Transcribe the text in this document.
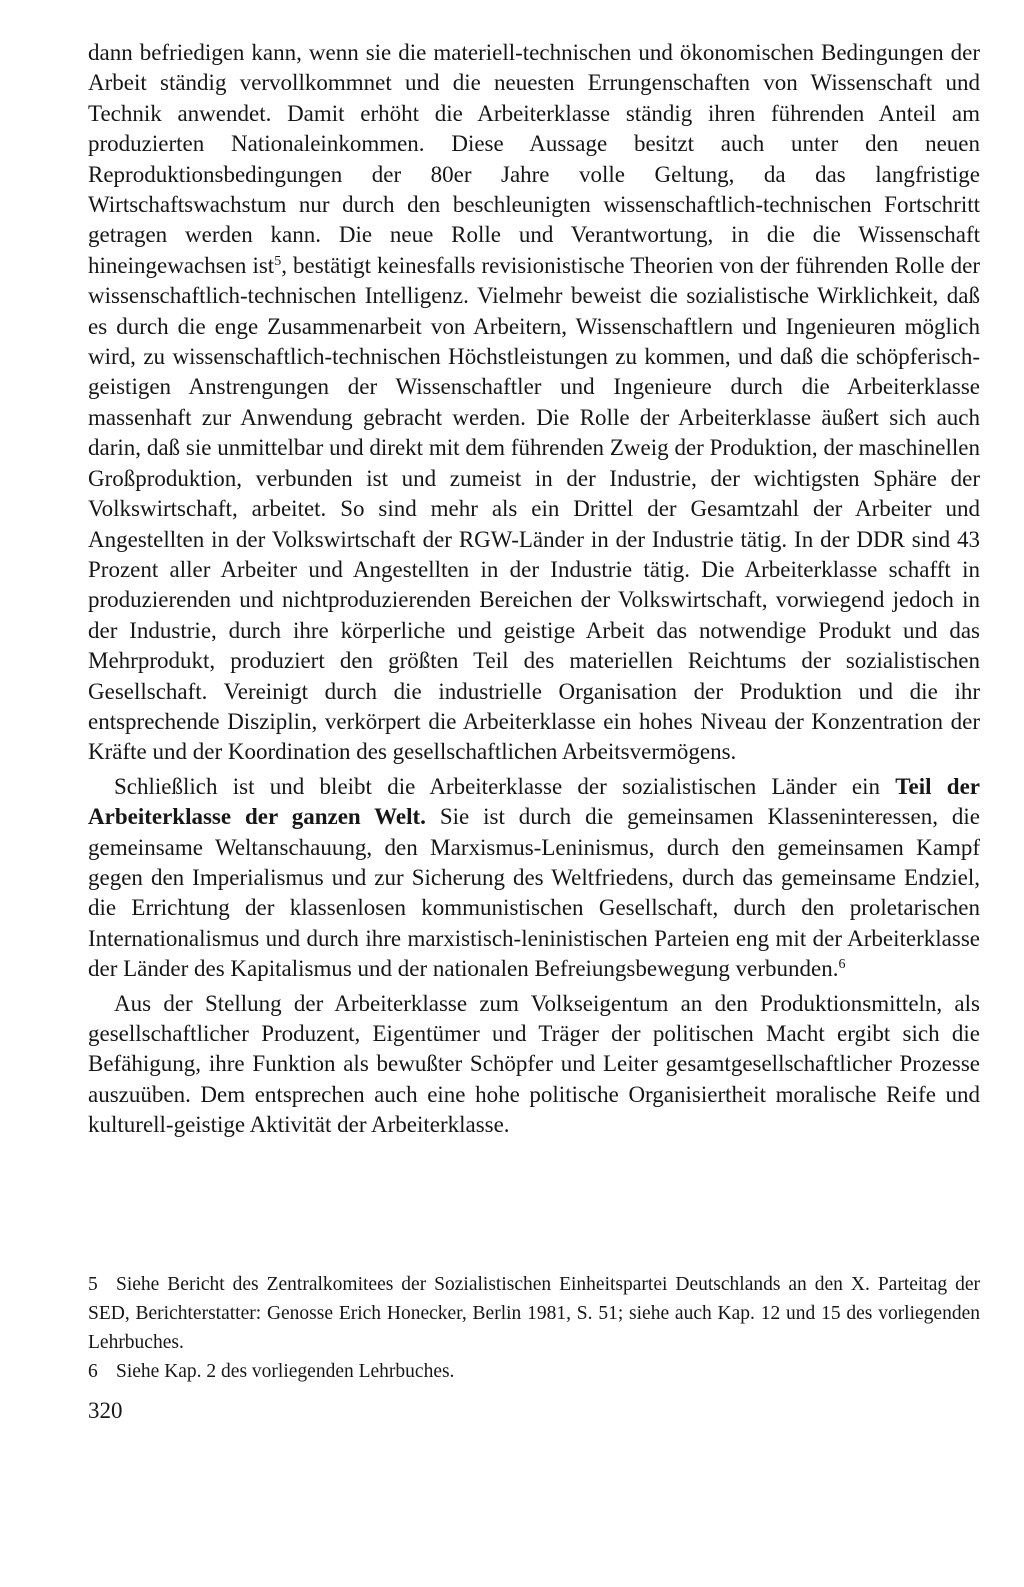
dann befriedigen kann, wenn sie die materiell-technischen und ökonomischen Bedingungen der Arbeit ständig vervollkommnet und die neuesten Errungenschaften von Wissenschaft und Technik anwendet. Damit erhöht die Arbeiterklasse ständig ihren führenden Anteil am produzierten Nationaleinkommen. Diese Aussage besitzt auch unter den neuen Reproduktionsbedingungen der 80er Jahre volle Geltung, da das langfristige Wirtschaftswachstum nur durch den beschleunigten wissenschaftlich-technischen Fortschritt getragen werden kann. Die neue Rolle und Verantwortung, in die die Wissenschaft hineingewachsen ist$^5$, bestätigt keinesfalls revisionistische Theorien von der führenden Rolle der wissenschaftlich-technischen Intelligenz. Vielmehr beweist die sozialistische Wirklichkeit, daß es durch die enge Zusammenarbeit von Arbeitern, Wissenschaftlern und Ingenieuren möglich wird, zu wissenschaftlich-technischen Höchstleistungen zu kommen, und daß die schöpferisch-geistigen Anstrengungen der Wissenschaftler und Ingenieure durch die Arbeiterklasse massenhaft zur Anwendung gebracht werden. Die Rolle der Arbeiterklasse äußert sich auch darin, daß sie unmittelbar und direkt mit dem führenden Zweig der Produktion, der maschinellen Großproduktion, verbunden ist und zumeist in der Industrie, der wichtigsten Sphäre der Volkswirtschaft, arbeitet. So sind mehr als ein Drittel der Gesamtzahl der Arbeiter und Angestellten in der Volkswirtschaft der RGW-Länder in der Industrie tätig. In der DDR sind 43 Prozent aller Arbeiter und Angestellten in der Industrie tätig. Die Arbeiterklasse schafft in produzierenden und nichtproduzierenden Bereichen der Volkswirtschaft, vorwiegend jedoch in der Industrie, durch ihre körperliche und geistige Arbeit das notwendige Produkt und das Mehrprodukt, produziert den größten Teil des materiellen Reichtums der sozialistischen Gesellschaft. Vereinigt durch die industrielle Organisation der Produktion und die ihr entsprechende Disziplin, verkörpert die Arbeiterklasse ein hohes Niveau der Konzentration der Kräfte und der Koordination des gesellschaftlichen Arbeitsvermögens.

Schließlich ist und bleibt die Arbeiterklasse der sozialistischen Länder ein Teil der Arbeiterklasse der ganzen Welt. Sie ist durch die gemeinsamen Klasseninteressen, die gemeinsame Weltanschauung, den Marxismus-Leninismus, durch den gemeinsamen Kampf gegen den Imperialismus und zur Sicherung des Weltfriedens, durch das gemeinsame Endziel, die Errichtung der klassenlosen kommunistischen Gesellschaft, durch den proletarischen Internationalismus und durch ihre marxistisch-leninistischen Parteien eng mit der Arbeiterklasse der Länder des Kapitalismus und der nationalen Befreiungsbewegung verbunden.$^6$

Aus der Stellung der Arbeiterklasse zum Volkseigentum an den Produktionsmitteln, als gesellschaftlicher Produzent, Eigentümer und Träger der politischen Macht ergibt sich die Befähigung, ihre Funktion als bewußter Schöpfer und Leiter gesamtgesellschaftlicher Prozesse auszuüben. Dem entsprechen auch eine hohe politische Organisiertheit moralische Reife und kulturell-geistige Aktivität der Arbeiterklasse.

5 Siehe Bericht des Zentralkomitees der Sozialistischen Einheitspartei Deutschlands an den X. Parteitag der SED, Berichterstatter: Genosse Erich Honecker, Berlin 1981, S. 51; siehe auch Kap. 12 und 15 des vorliegenden Lehrbuches.

6 Siehe Kap. 2 des vorliegenden Lehrbuches.

320
